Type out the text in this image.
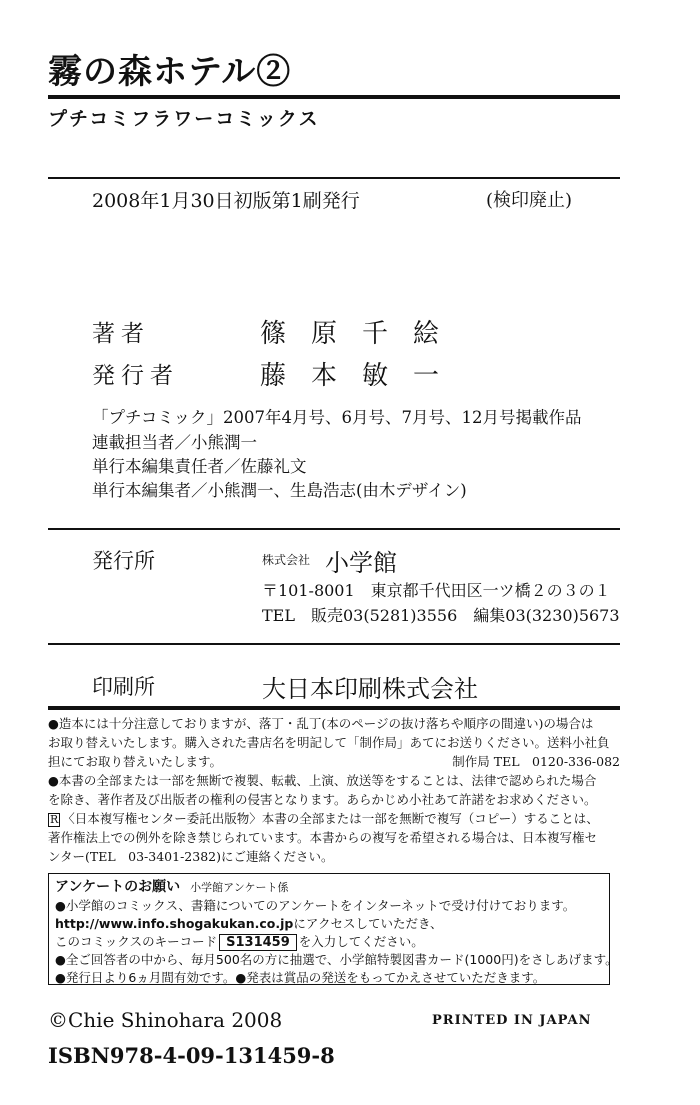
霧の森ホテル②
プチコミフラワーコミックス
2008年1月30日初版第1刷発行	(検印廃止)
著者	篠原千絵
発行者	藤本敏一
「プチコミック」2007年4月号、6月号、7月号、12月号掲載作品
連載担当者／小熊潤一
単行本編集責任者／佐藤礼文
単行本編集者／小熊潤一、生島浩志(由木デザイン)
発行所	株式会社 小学館
〒101-8001　東京都千代田区一ツ橋２の３の１
TEL　販売03(5281)3556　編集03(3230)5673
印刷所	大日本印刷株式会社

●造本には十分注意しておりますが、落丁・乱丁(本のページの抜け落ちや順序の間違い)の場合は

お取り替えいたします。購入された書店名を明記して「制作局」あてにお送りください。送料小社負

担にてお取り替えいたします。	制作局 TEL　0120-336-082

●本書の全部または一部を無断で複製、転載、上演、放送等をすることは、法律で認められた場合

を除き、著作者及び出版者の権利の侵害となります。あらかじめ小社あて許諾をお求めください。

R 〈日本複写権センター委託出版物〉本書の全部または一部を無断で複写（コピー）することは、

著作権法上での例外を除き禁じられています。本書からの複写を希望される場合は、日本複写権セ

ンター(TEL　03-3401-2382)にご連絡ください。

アンケートのお願い 小学館アンケート係
●小学館のコミックス、書籍についてのアンケートをインターネットで受け付けております。
http://www.info.shogakukan.co.jpにアクセスしていただき、
このコミックスのキーコード S131459 を入力してください。
●全ご回答者の中から、毎月500名の方に抽選で、小学館特製図書カード(1000円)をさしあげます。
●発行日より6ヵ月間有効です。●発表は賞品の発送をもってかえさせていただきます。
©Chie Shinohara 2008	PRINTED IN JAPAN
ISBN978-4-09-131459-8
